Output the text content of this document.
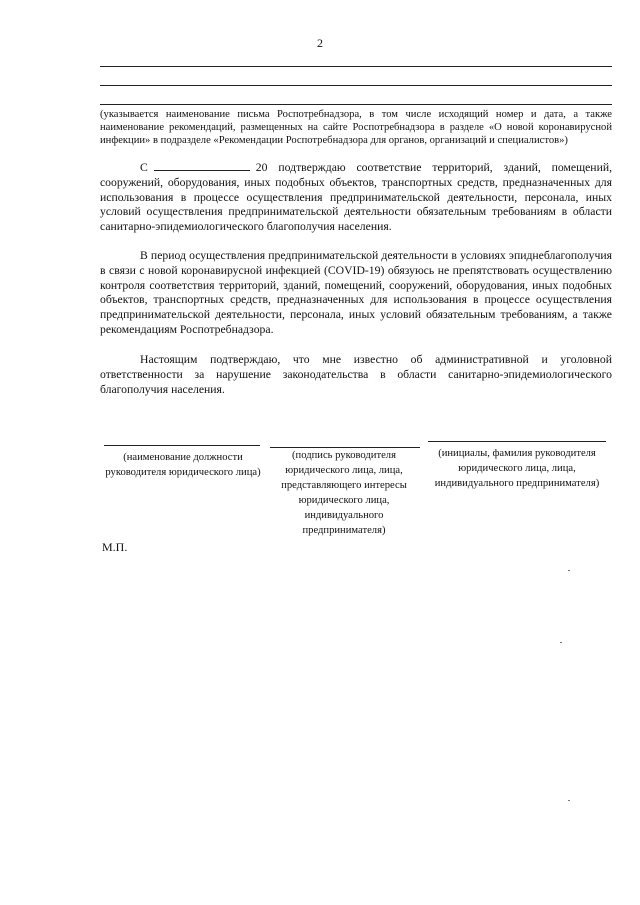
2
(указывается наименование письма Роспотребнадзора, в том числе исходящий номер и дата, а также наименование рекомендаций, размещенных на сайте Роспотребнадзора в разделе «О новой коронавирусной инфекции» в подразделе «Рекомендации Роспотребнадзора для органов, организаций и специалистов»)

С	20 подтверждаю соответствие территорий, зданий, помещений, сооружений, оборудования, иных подобных объектов, транспортных средств, предназначенных для использования в процессе осуществления предпринимательской деятельности, персонала, иных условий осуществления предпринимательской деятельности обязательным требованиям в области санитарно-эпидемиологического благополучия населения.

В период осуществления предпринимательской деятельности в условиях эпиднеблагополучия в связи с новой коронавирусной инфекцией (COVID-19) обязуюсь не препятствовать осуществлению контроля соответствия территорий, зданий, помещений, сооружений, оборудования, иных подобных объектов, транспортных средств, предназначенных для использования в процессе осуществления предпринимательской деятельности, персонала, иных условий обязательным требованиям, а также рекомендациям Роспотребнадзора.

Настоящим подтверждаю, что мне известно об административной и уголовной ответственности за нарушение законодательства в области санитарно-эпидемиологического благополучия населения.

(наименование должности руководителя юридического лица)

(подпись руководителя юридического лица, лица, представляющего интересы юридического лица, индивидуального предпринимателя)

(инициалы, фамилия руководителя юридического лица, лица, индивидуального предпринимателя)

М.П.
